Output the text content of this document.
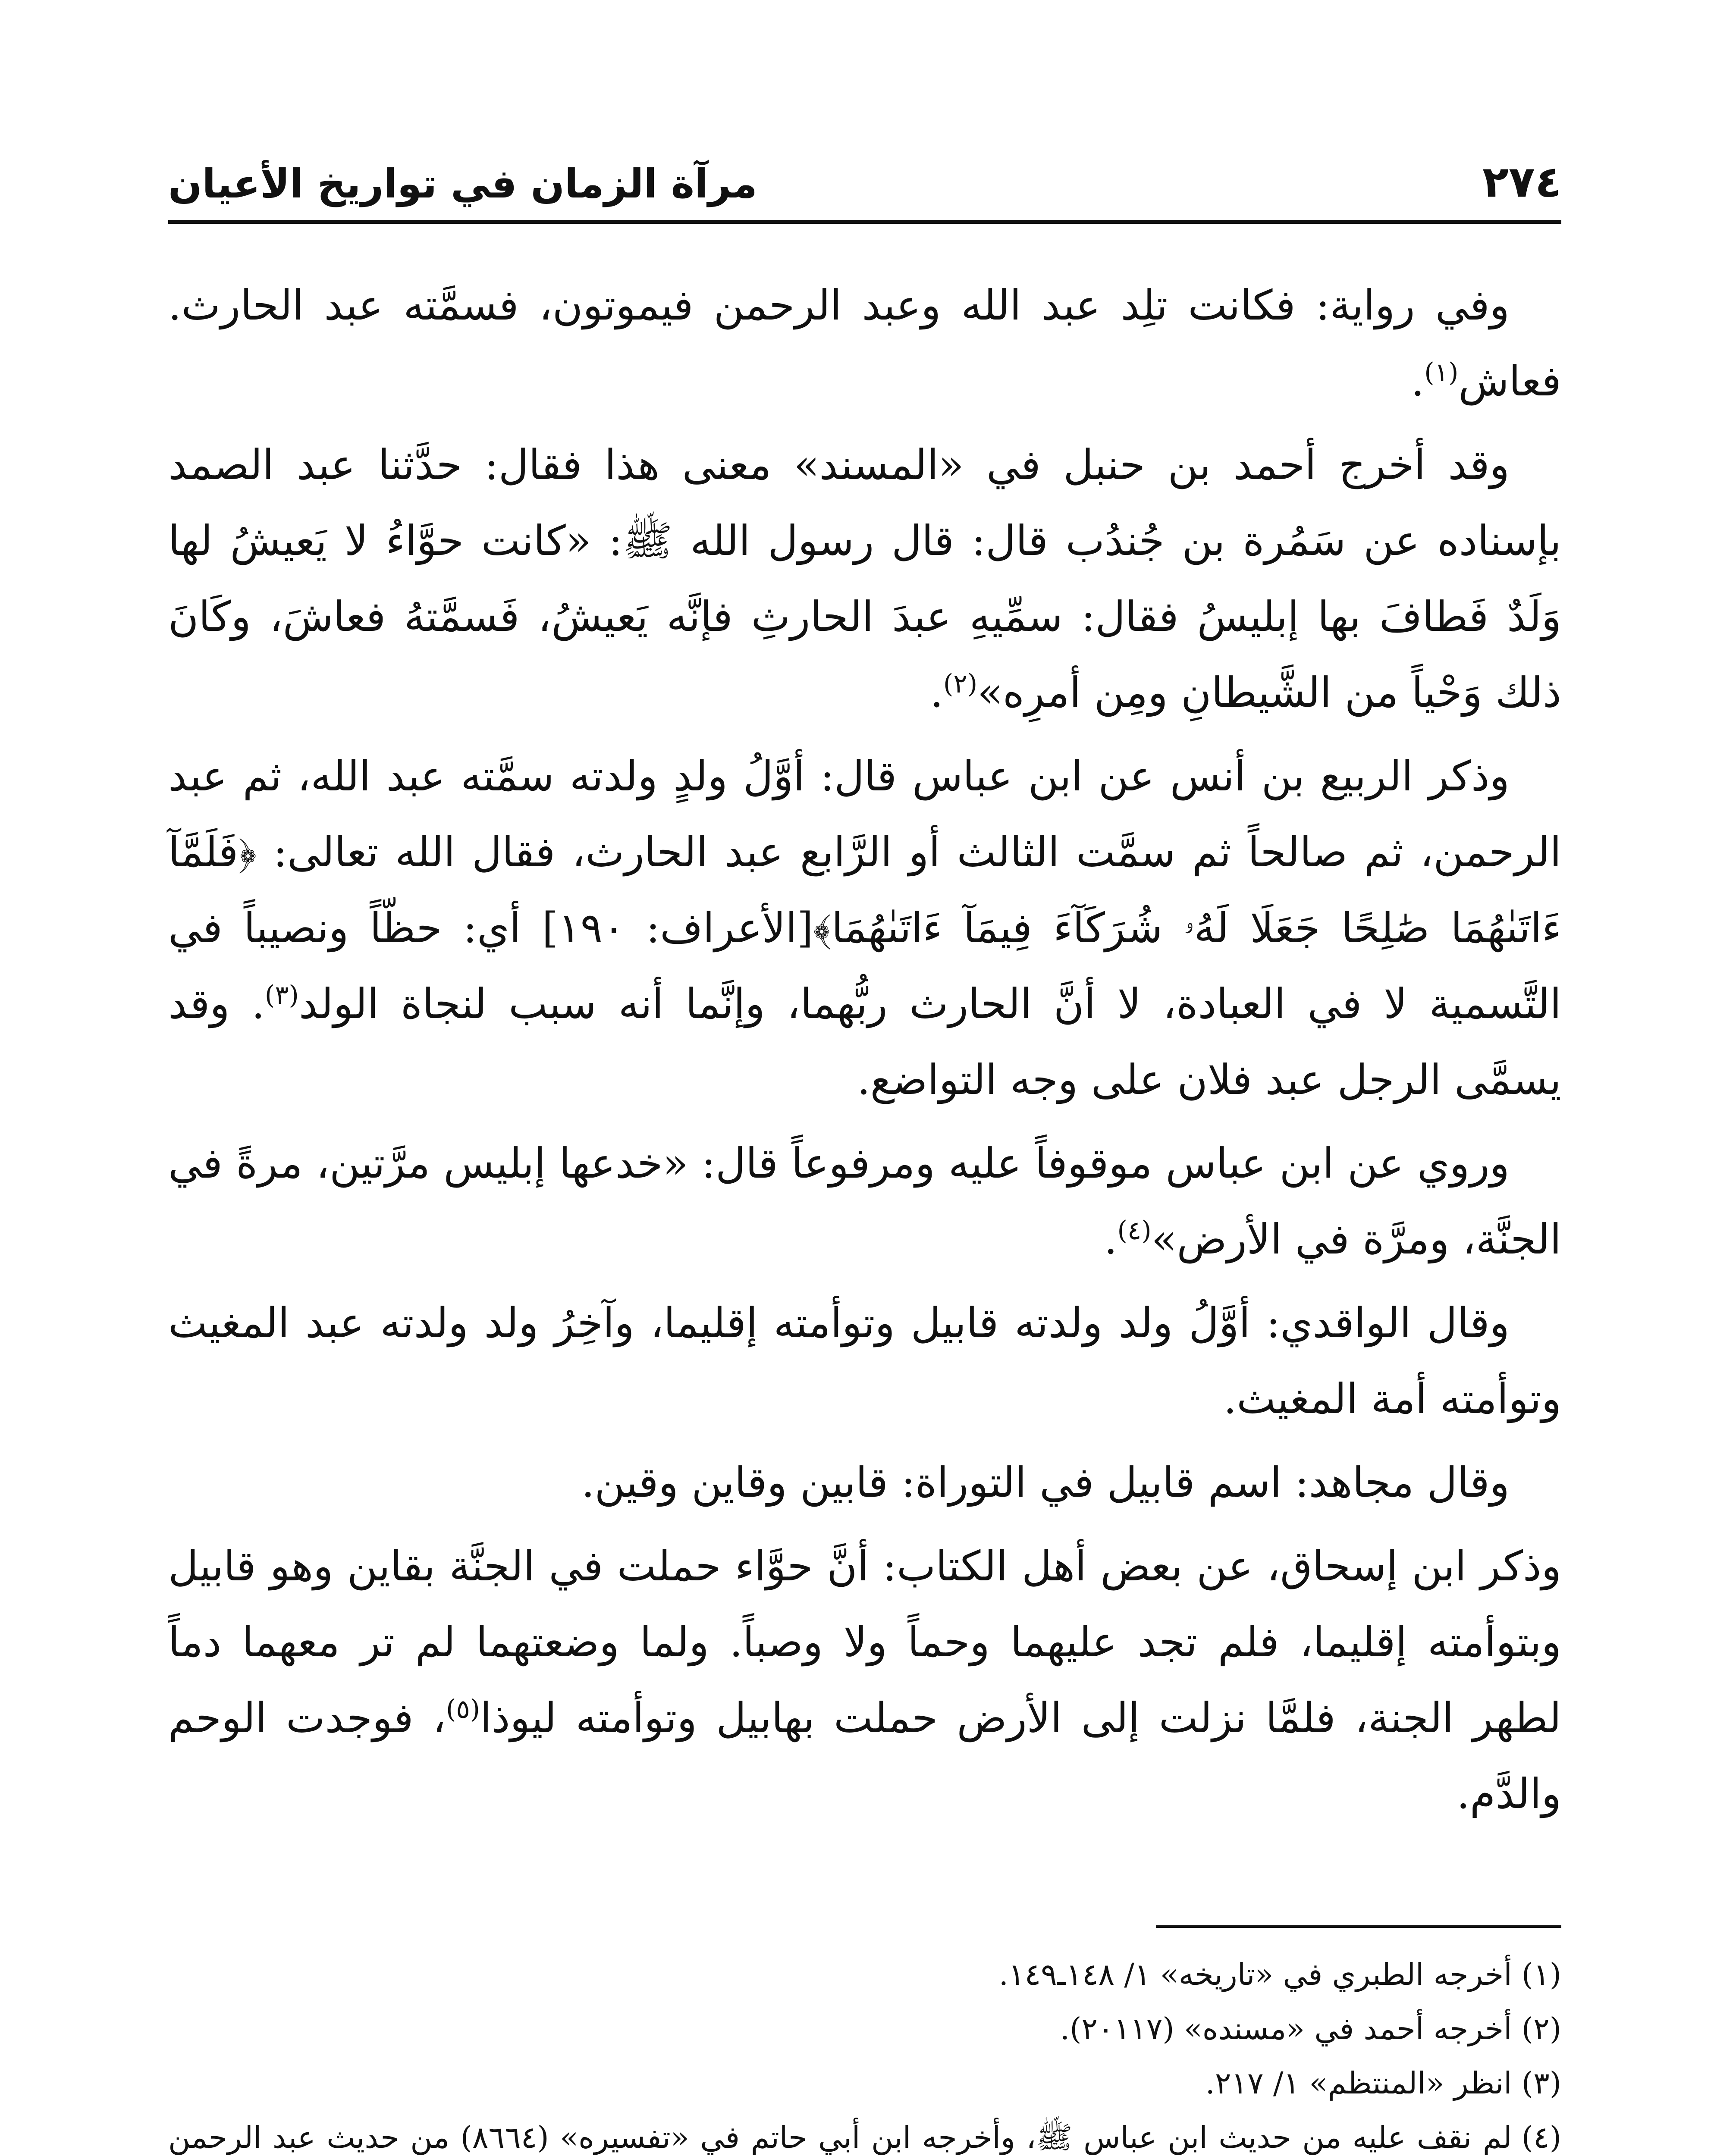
٢٧٤
مرآة الزمان في تواريخ الأعيان

وفي رواية: فكانت تلِد عبد الله وعبد الرحمن فيموتون، فسمَّته عبد الحارث. فعاش$^{(١)}$.

وقد أخرج أحمد بن حنبل في «المسند» معنى هذا فقال: حدَّثنا عبد الصمد بإسناده عن سَمُرة بن جُندُب قال: قال رسول الله ﷺ: «كانت حوَّاءُ لا يَعيشُ لها وَلَدٌ فَطافَ بها إبليسُ فقال: سمِّيهِ عبدَ الحارثِ فإنَّه يَعيشُ، فَسمَّتهُ فعاشَ، وكَانَ ذلك وَحْياً من الشَّيطانِ ومِن أمرِه»$^{(٢)}$.

وذكر الربيع بن أنس عن ابن عباس قال: أوَّلُ ولدٍ ولدته سمَّته عبد الله، ثم عبد الرحمن، ثم صالحاً ثم سمَّت الثالث أو الرَّابع عبد الحارث، فقال الله تعالى: ﴿فَلَمَّآ ءَاتَىٰهُمَا صَٰلِحًا جَعَلَا لَهُۥ شُرَكَآءَ فِيمَآ ءَاتَىٰهُمَا﴾[الأعراف: ١٩٠] أي: حظّاً ونصيباً في التَّسمية لا في العبادة، لا أنَّ الحارث ربُّهما، وإنَّما أنه سبب لنجاة الولد$^{(٣)}$. وقد يسمَّى الرجل عبد فلان على وجه التواضع.

وروي عن ابن عباس موقوفاً عليه ومرفوعاً قال: «خدعها إبليس مرَّتين، مرةً في الجنَّة، ومرَّة في الأرض»$^{(٤)}$.

وقال الواقدي: أوَّلُ ولد ولدته قابيل وتوأمته إقليما، وآخِرُ ولد ولدته عبد المغيث وتوأمته أمة المغيث.

وقال مجاهد: اسم قابيل في التوراة: قابين وقاين وقين.

وذكر ابن إسحاق، عن بعض أهل الكتاب: أنَّ حوَّاء حملت في الجنَّة بقاين وهو قابيل وبتوأمته إقليما، فلم تجد عليهما وحماً ولا وصباً. ولما وضعتهما لم تر معهما دماً لطهر الجنة، فلمَّا نزلت إلى الأرض حملت بهابيل وتوأمته ليوذا$^{(٥)}$، فوجدت الوحم والدَّم.

(١)أخرجه الطبري في «تاريخه» ١/ ١٤٨ـ١٤٩.

(٢)أخرجه أحمد في «مسنده» (٢٠١١٧).

(٣)انظر «المنتظم» ١/ ٢١٧.

(٤)لم نقف عليه من حديث ابن عباس ﷺ، وأخرجه ابن أبي حاتم في «تفسيره» (٨٦٦٤) من حديث عبد الرحمن
